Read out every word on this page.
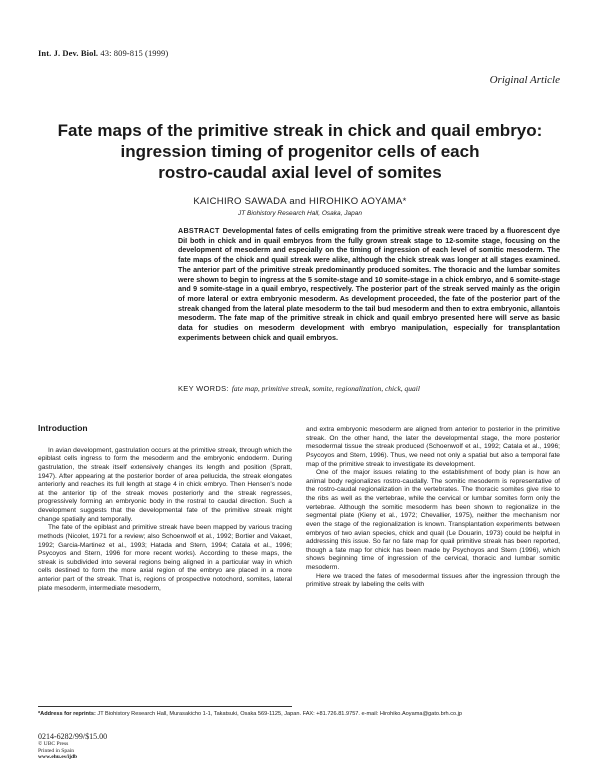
Int. J. Dev. Biol. 43: 809-815 (1999)
Original Article
Fate maps of the primitive streak in chick and quail embryo:
ingression timing of progenitor cells of each
rostro-caudal axial level of somites
KAICHIRO SAWADA and HIROHIKO AOYAMA*
JT Biohistory Research Hall, Osaka, Japan
ABSTRACT Developmental fates of cells emigrating from the primitive streak were traced by a fluorescent dye DiI both in chick and in quail embryos from the fully grown streak stage to 12-somite stage, focusing on the development of mesoderm and especially on the timing of ingression of each level of somitic mesoderm. The fate maps of the chick and quail streak were alike, although the chick streak was longer at all stages examined. The anterior part of the primitive streak predominantly produced somites. The thoracic and the lumbar somites were shown to begin to ingress at the 5 somite-stage and 10 somite-stage in a chick embryo, and 6 somite-stage and 9 somite-stage in a quail embryo, respectively. The posterior part of the streak served mainly as the origin of more lateral or extra embryonic mesoderm. As development proceeded, the fate of the posterior part of the streak changed from the lateral plate mesoderm to the tail bud mesoderm and then to extra embryonic, allantois mesoderm. The fate map of the primitive streak in chick and quail embryo presented here will serve as basic data for studies on mesoderm development with embryo manipulation, especially for transplantation experiments between chick and quail embryos.
KEY WORDS: fate map, primitive streak, somite, regionalization, chick, quail
Introduction

In avian development, gastrulation occurs at the primitive streak, through which the epiblast cells ingress to form the mesoderm and the embryonic endoderm. During gastrulation, the streak itself extensively changes its length and position (Spratt, 1947). After appearing at the posterior border of area pellucida, the streak elongates anteriorly and reaches its full length at stage 4 in chick embryo. Then Hensen’s node at the anterior tip of the streak moves posteriorly and the streak regresses, progressively forming an embryonic body in the rostral to caudal direction. Such a development suggests that the developmental fate of the primitive streak might change spatially and temporally.

The fate of the epiblast and primitive streak have been mapped by various tracing methods (Nicolet, 1971 for a review; also Schoenwolf et al., 1992; Bortier and Vakaet, 1992; Garcia-Martinez et al., 1993; Hatada and Stern, 1994; Catala et al., 1996; Psycoyos and Stern, 1996 for more recent works). According to these maps, the streak is subdivided into several regions being aligned in a particular way in which cells destined to form the more axial region of the embryo are placed in a more anterior part of the streak. That is, regions of prospective notochord, somites, lateral plate mesoderm, intermediate mesoderm,

and extra embryonic mesoderm are aligned from anterior to posterior in the primitive streak. On the other hand, the later the developmental stage, the more posterior mesodermal tissue the streak produced (Schoenwolf et al., 1992; Catala et al., 1996; Psycoyos and Stern, 1996). Thus, we need not only a spatial but also a temporal fate map of the primitive streak to investigate its development.

One of the major issues relating to the establishment of body plan is how an animal body regionalizes rostro-caudally. The somitic mesoderm is representative of the rostro-caudal regionalization in the vertebrates. The thoracic somites give rise to the ribs as well as the vertebrae, while the cervical or lumbar somites form only the vertebrae. Although the somitic mesoderm has been shown to regionalize in the segmental plate (Kieny et al., 1972; Chevallier, 1975), neither the mechanism nor even the stage of the regionalization is known. Transplantation experiments between embryos of two avian species, chick and quail (Le Douarin, 1973) could be helpful in addressing this issue. So far no fate map for quail primitive streak has been reported, though a fate map for chick has been made by Psychoyos and Stern (1996), which shows beginning time of ingression of the cervical, thoracic and lumbar somitic mesoderm.

Here we traced the fates of mesodermal tissues after the ingression through the primitive streak by labeling the cells with

*Address for reprints: JT Biohistory Research Hall, Murasakicho 1-1, Takatsuki, Osaka 569-1125, Japan. FAX: +81.726.81.9757. e-mail: Hirohiko.Aoyama@gato.brh.co.jp
0214-6282/99/$15.00
© UBC Press
Printed in Spain
www.ehu.es/ijdb
